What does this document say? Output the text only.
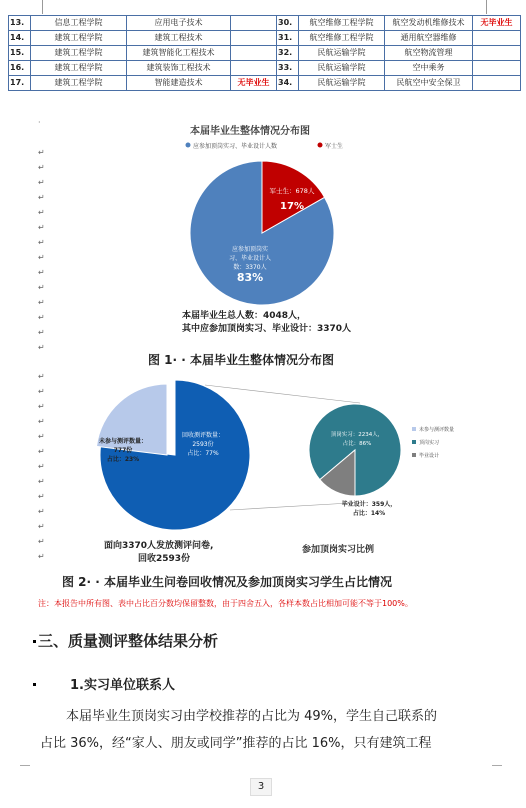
13.	信息工程学院	应用电子技术		30.	航空维修工程学院	航空发动机维修技术	无毕业生
14.	建筑工程学院	建筑工程技术		31.	航空维修工程学院	通用航空器维修	
15.	建筑工程学院	建筑智能化工程技术		32.	民航运输学院	航空物流管理	
16.	建筑工程学院	建筑装饰工程技术		33.	民航运输学院	空中乘务	
17.	建筑工程学院	智能建造技术	无毕业生	34.	民航运输学院	民航空中安全保卫	
·
↵
↵
↵
↵
↵
↵
↵
↵
↵
↵
↵
↵
↵
↵
↵
↵
↵
↵
↵
↵
↵
↵
↵
↵
↵
↵
↵
本届毕业生整体情况分布图
应参加顶岗实习、毕业设计人数	军士生
应参加顶岗实
习、毕业设计人
数：3370人
83%
军士生：678人
17%
本届毕业生总人数：4048人，
其中应参加顶岗实习、毕业设计：3370人
图 1· · 本届毕业生整体情况分布图
回收测评数量：
2593份
占比：77%
未参与测评数量：
777份
占比：23%
顶岗实习：2234人，
占比：86%
毕业设计：359人，
占比：14%
未参与测评数量
顶岗实习
毕业设计
面向3370人发放测评问卷,
回收2593份
参加顶岗实习比例
图 2· · 本届毕业生问卷回收情况及参加顶岗实习学生占比情况
注：本报告中所有图、表中占比百分数均保留整数，由于四舍五入，各样本数占比相加可能不等于100%。
三、质量测评整体结果分析
1.实习单位联系人
本届毕业生顶岗实习由学校推荐的占比为 49%，学生自己联系的
占比 36%，经“家人、朋友或同学”推荐的占比 16%，只有建筑工程
3
